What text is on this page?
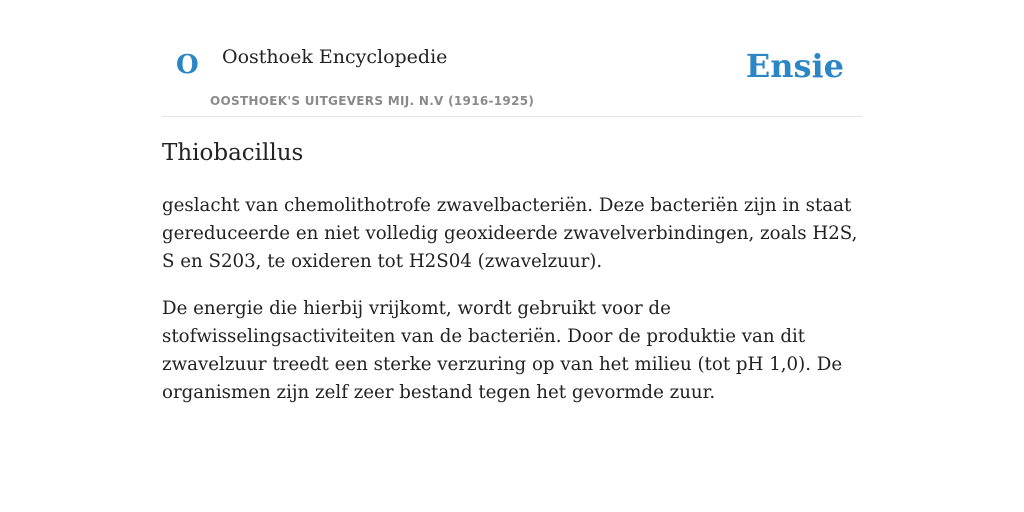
O Oosthoek Encyclopedie
OOSTHOEK'S UITGEVERS MIJ. N.V (1916-1925)
Ensie
Thiobacillus

geslacht van chemolithotrofe zwavelbacteriën. Deze bacteriën zijn in staat gereduceerde en niet volledig geoxideerde zwavelverbindingen, zoals H2S, S en S203, te oxideren tot H2S04 (zwavelzuur).

De energie die hierbij vrijkomt, wordt gebruikt voor de stofwisselingsactiviteiten van de bacteriën. Door de produktie van dit zwavelzuur treedt een sterke verzuring op van het milieu (tot pH 1,0). De organismen zijn zelf zeer bestand tegen het gevormde zuur.
